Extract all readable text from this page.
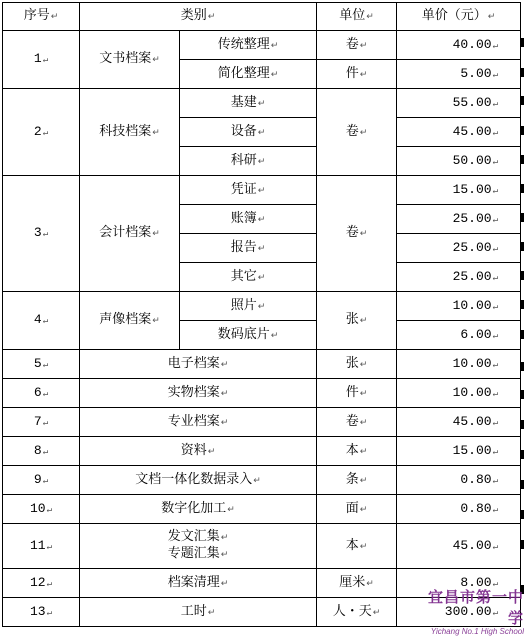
序号 ↵	类别 ↵		单位 ↵	单价（元） ↵
1 ↵	文书档案 ↵	传统整理 ↵	卷 ↵	40.00 ↵
		简化整理 ↵	件 ↵	5.00 ↵
2 ↵	科技档案 ↵	基建 ↵	卷 ↵	55.00 ↵
		设备 ↵		45.00 ↵
		科研 ↵		50.00 ↵
3 ↵	会计档案 ↵	凭证 ↵	卷 ↵	15.00 ↵
		账簿 ↵		25.00 ↵
		报告 ↵		25.00 ↵
		其它 ↵		25.00 ↵
4 ↵	声像档案 ↵	照片 ↵	张 ↵	10.00 ↵
		数码底片 ↵		6.00 ↵
5 ↵	电子档案 ↵		张 ↵	10.00 ↵
6 ↵	实物档案 ↵		件 ↵	10.00 ↵
7 ↵	专业档案 ↵		卷 ↵	45.00 ↵
8 ↵	资料 ↵		本 ↵	15.00 ↵
9 ↵	文档一体化数据录入 ↵		条 ↵	0.80 ↵
10 ↵	数字化加工 ↵		面 ↵	0.80 ↵
11 ↵	发文汇集 ↵
专题汇集 ↵		本 ↵	45.00 ↵
12 ↵	档案清理 ↵		厘米 ↵	8.00 ↵
13 ↵	工时 ↵		人・天 ↵	300.00 ↵
宜昌市第一中学
Yichang No.1 High School
